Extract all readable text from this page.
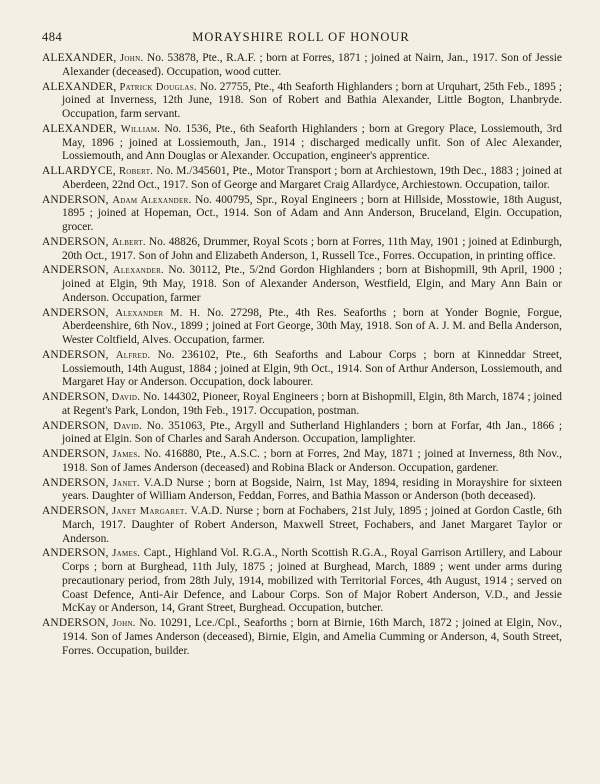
484	MORAYSHIRE ROLL OF HONOUR

ALEXANDER, John. No. 53878, Pte., R.A.F. ; born at Forres, 1871 ; joined at Nairn, Jan., 1917. Son of Jessie Alexander (deceased). Occupation, wood cutter.

ALEXANDER, Patrick Douglas. No. 27755, Pte., 4th Seaforth Highlanders ; born at Urquhart, 25th Feb., 1895 ; joined at Inverness, 12th June, 1918. Son of Robert and Bathia Alexander, Little Bogton, Lhanbryde. Occupation, farm servant.

ALEXANDER, William. No. 1536, Pte., 6th Seaforth Highlanders ; born at Gregory Place, Lossiemouth, 3rd May, 1896 ; joined at Lossiemouth, Jan., 1914 ; discharged medically unfit. Son of Alec Alexander, Lossiemouth, and Ann Douglas or Alexander. Occupation, engineer's apprentice.

ALLARDYCE, Robert. No. M./345601, Pte., Motor Transport ; born at Archiestown, 19th Dec., 1883 ; joined at Aberdeen, 22nd Oct., 1917. Son of George and Margaret Craig Allardyce, Archiestown. Occupation, tailor.

ANDERSON, Adam Alexander. No. 400795, Spr., Royal Engineers ; born at Hillside, Mosstowie, 18th August, 1895 ; joined at Hopeman, Oct., 1914. Son of Adam and Ann Anderson, Bruceland, Elgin. Occupation, grocer.

ANDERSON, Albert. No. 48826, Drummer, Royal Scots ; born at Forres, 11th May, 1901 ; joined at Edinburgh, 20th Oct., 1917. Son of John and Elizabeth Anderson, 1, Russell Tce., Forres. Occupation, in printing office.

ANDERSON, Alexander. No. 30112, Pte., 5/2nd Gordon Highlanders ; born at Bishopmill, 9th April, 1900 ; joined at Elgin, 9th May, 1918. Son of Alexander Anderson, Westfield, Elgin, and Mary Ann Bain or Anderson. Occupation, farmer

ANDERSON, Alexander M. H. No. 27298, Pte., 4th Res. Seaforths ; born at Yonder Bognie, Forgue, Aberdeenshire, 6th Nov., 1899 ; joined at Fort George, 30th May, 1918. Son of A. J. M. and Bella Anderson, Wester Coltfield, Alves. Occupation, farmer.

ANDERSON, Alfred. No. 236102, Pte., 6th Seaforths and Labour Corps ; born at Kinneddar Street, Lossiemouth, 14th August, 1884 ; joined at Elgin, 9th Oct., 1914. Son of Arthur Anderson, Lossiemouth, and Margaret Hay or Anderson. Occupation, dock labourer.

ANDERSON, David. No. 144302, Pioneer, Royal Engineers ; born at Bishopmill, Elgin, 8th March, 1874 ; joined at Regent's Park, London, 19th Feb., 1917. Occupation, postman.

ANDERSON, David. No. 351063, Pte., Argyll and Sutherland Highlanders ; born at Forfar, 4th Jan., 1866 ; joined at Elgin. Son of Charles and Sarah Anderson. Occupation, lamplighter.

ANDERSON, James. No. 416880, Pte., A.S.C. ; born at Forres, 2nd May, 1871 ; joined at Inverness, 8th Nov., 1918. Son of James Anderson (deceased) and Robina Black or Anderson. Occupation, gardener.

ANDERSON, Janet. V.A.D Nurse ; born at Bogside, Nairn, 1st May, 1894, residing in Morayshire for sixteen years. Daughter of William Anderson, Feddan, Forres, and Bathia Masson or Anderson (both deceased).

ANDERSON, Janet Margaret. V.A.D. Nurse ; born at Fochabers, 21st July, 1895 ; joined at Gordon Castle, 6th March, 1917. Daughter of Robert Anderson, Maxwell Street, Fochabers, and Janet Margaret Taylor or Anderson.

ANDERSON, James. Capt., Highland Vol. R.G.A., North Scottish R.G.A., Royal Garrison Artillery, and Labour Corps ; born at Burghead, 11th July, 1875 ; joined at Burghead, March, 1889 ; went under arms during precautionary period, from 28th July, 1914, mobilized with Territorial Forces, 4th August, 1914 ; served on Coast Defence, Anti-Air Defence, and Labour Corps. Son of Major Robert Anderson, V.D., and Jessie McKay or Anderson, 14, Grant Street, Burghead. Occupation, butcher.

ANDERSON, John. No. 10291, Lce./Cpl., Seaforths ; born at Birnie, 16th March, 1872 ; joined at Elgin, Nov., 1914. Son of James Anderson (deceased), Birnie, Elgin, and Amelia Cumming or Anderson, 4, South Street, Forres. Occupation, builder.
